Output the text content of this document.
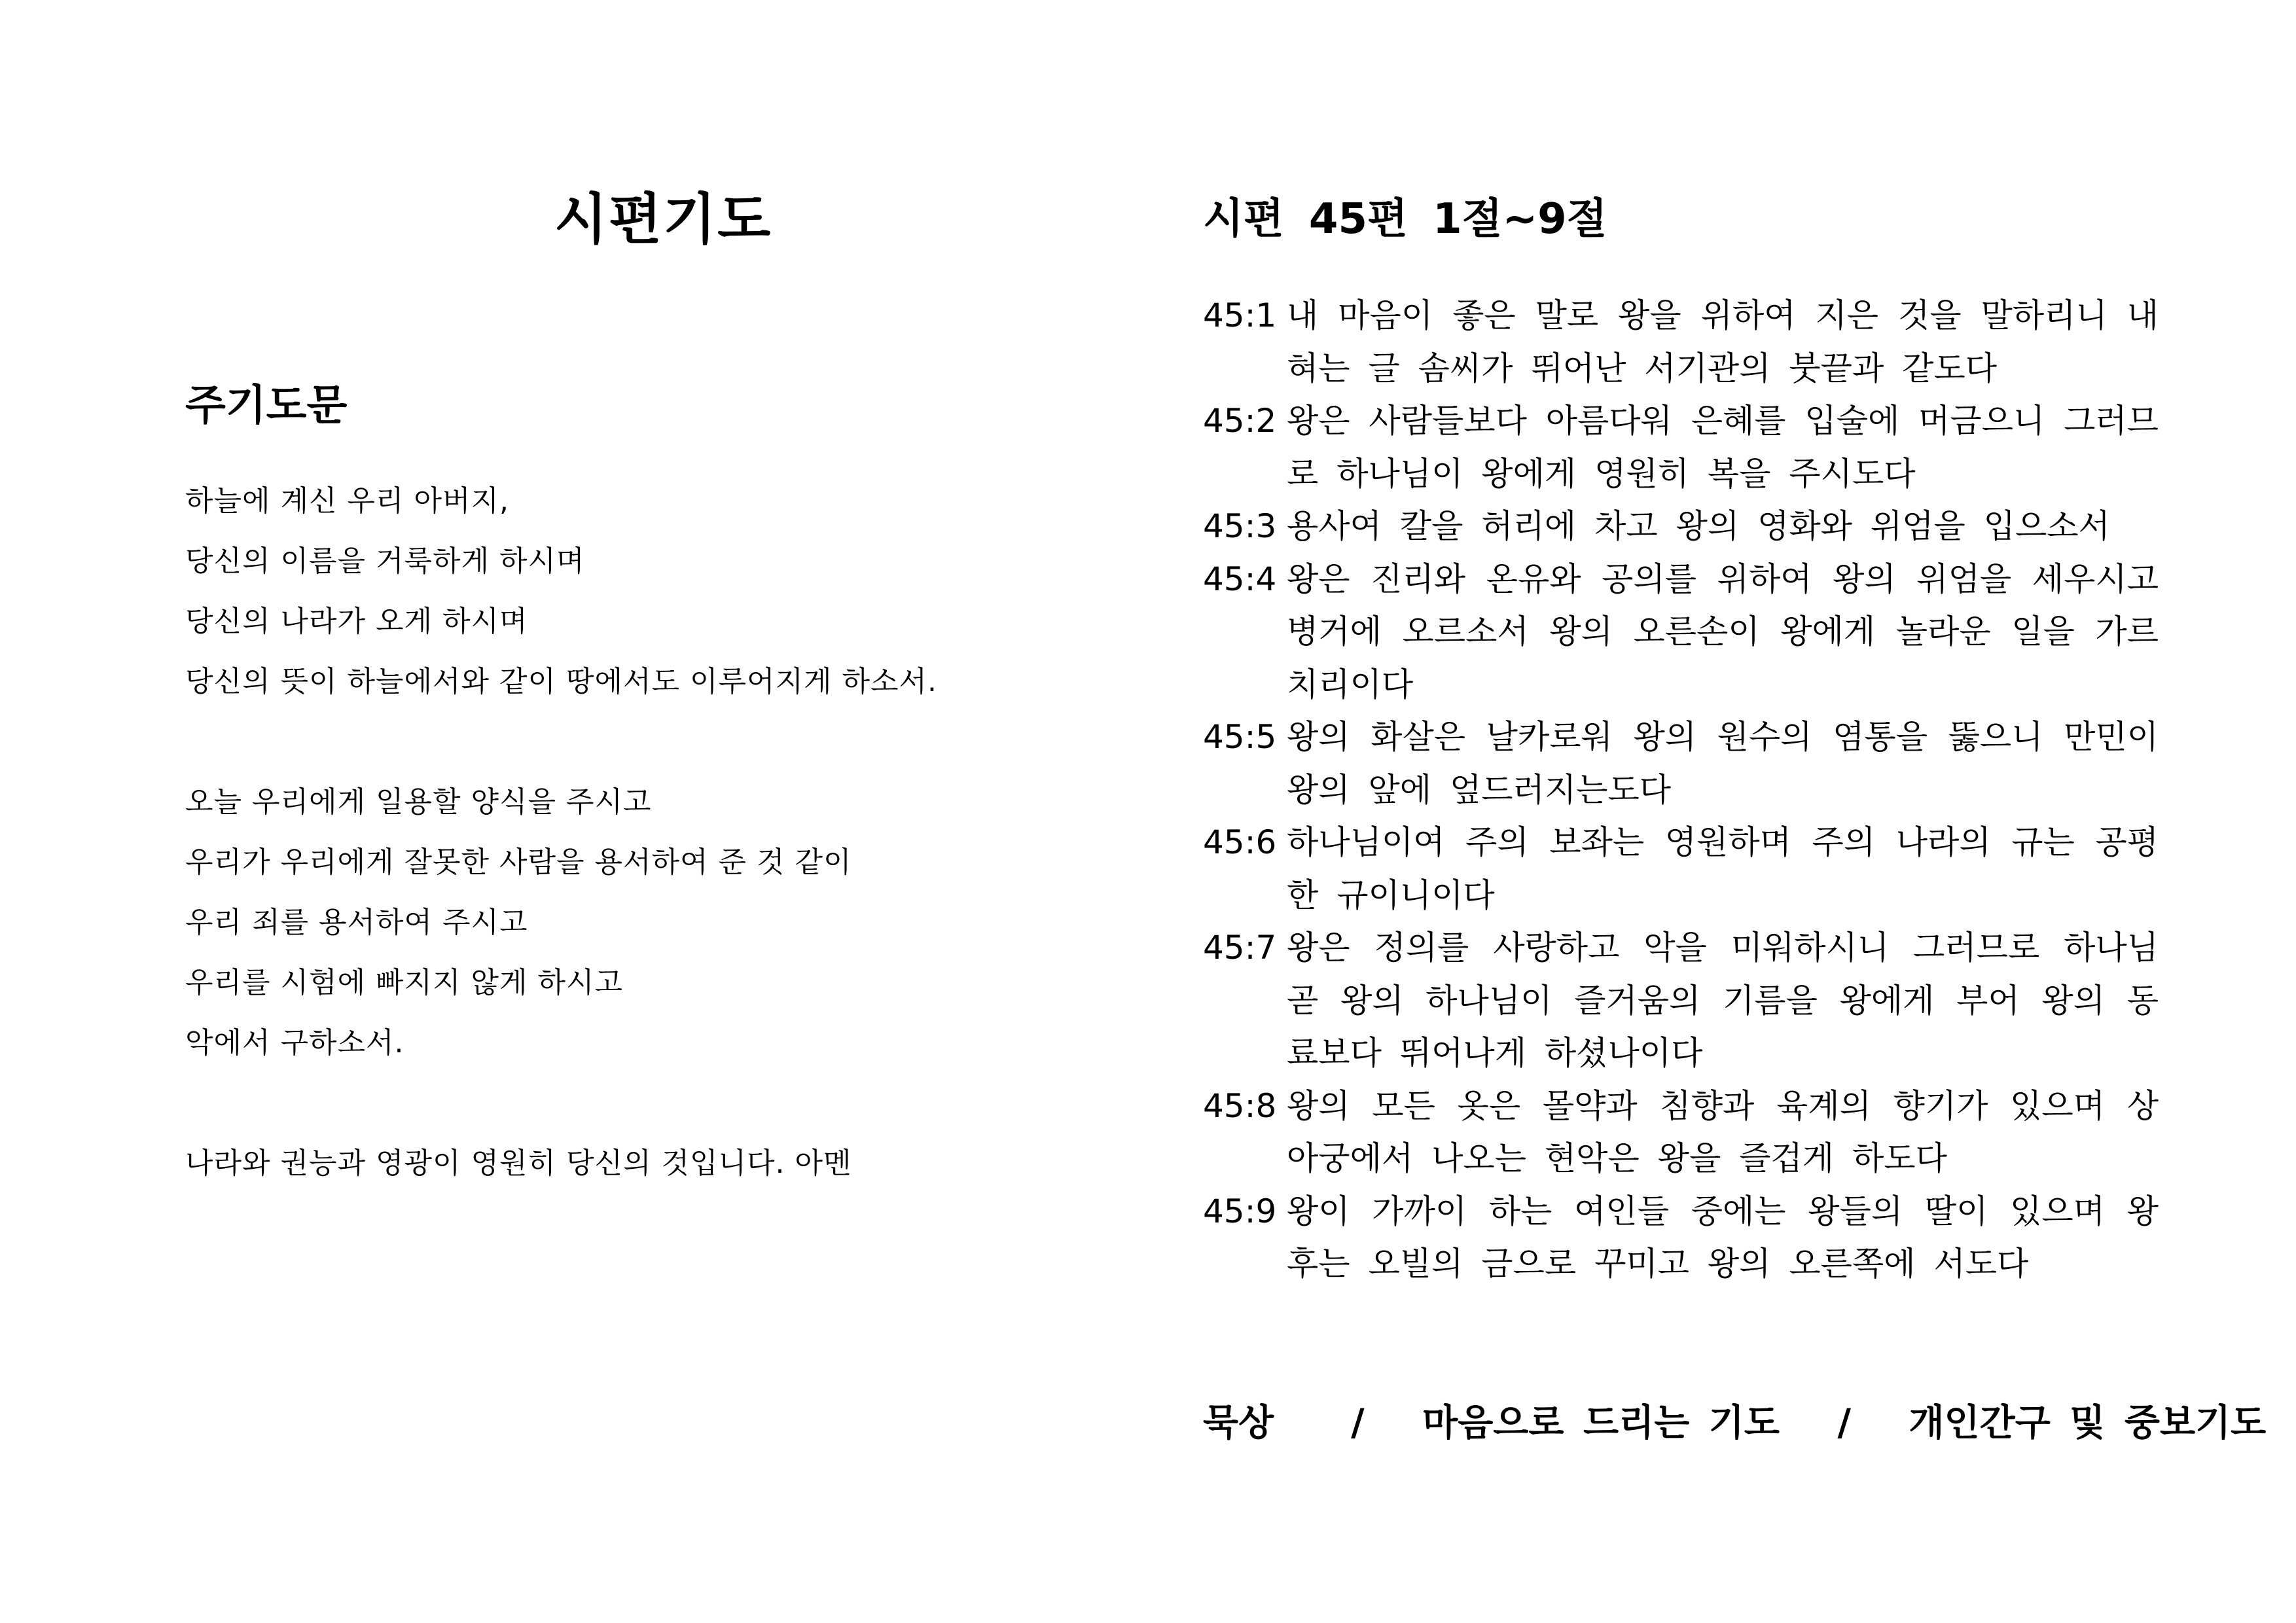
시편기도
주기도문
하늘에 계신 우리 아버지,
당신의 이름을 거룩하게 하시며
당신의 나라가 오게 하시며
당신의 뜻이 하늘에서와 같이 땅에서도 이루어지게 하소서.
오늘 우리에게 일용할 양식을 주시고
우리가 우리에게 잘못한 사람을 용서하여 준 것 같이
우리 죄를 용서하여 주시고
우리를 시험에 빠지지 않게 하시고
악에서 구하소서.
나라와 권능과 영광이 영원히 당신의 것입니다. 아멘
시편 45편 1절~9절
45:1 내 마음이 좋은 말로 왕을 위하여 지은 것을 말하리니 내 혀는 글 솜씨가 뛰어난 서기관의 붓끝과 같도다
45:2 왕은 사람들보다 아름다워 은혜를 입술에 머금으니 그러므로 하나님이 왕에게 영원히 복을 주시도다
45:3 용사여 칼을 허리에 차고 왕의 영화와 위엄을 입으소서
45:4 왕은 진리와 온유와 공의를 위하여 왕의 위엄을 세우시고 병거에 오르소서 왕의 오른손이 왕에게 놀라운 일을 가르치리이다
45:5 왕의 화살은 날카로워 왕의 원수의 염통을 뚫으니 만민이 왕의 앞에 엎드러지는도다
45:6 하나님이여 주의 보좌는 영원하며 주의 나라의 규는 공평한 규이니이다
45:7 왕은 정의를 사랑하고 악을 미워하시니 그러므로 하나님 곧 왕의 하나님이 즐거움의 기름을 왕에게 부어 왕의 동료보다 뛰어나게 하셨나이다
45:8 왕의 모든 옷은 몰약과 침향과 육계의 향기가 있으며 상아궁에서 나오는 현악은 왕을 즐겁게 하도다
45:9 왕이 가까이 하는 여인들 중에는 왕들의 딸이 있으며 왕후는 오빌의 금으로 꾸미고 왕의 오른쪽에 서도다
묵상    /   마음으로 드리는 기도   /   개인간구 및 중보기도
